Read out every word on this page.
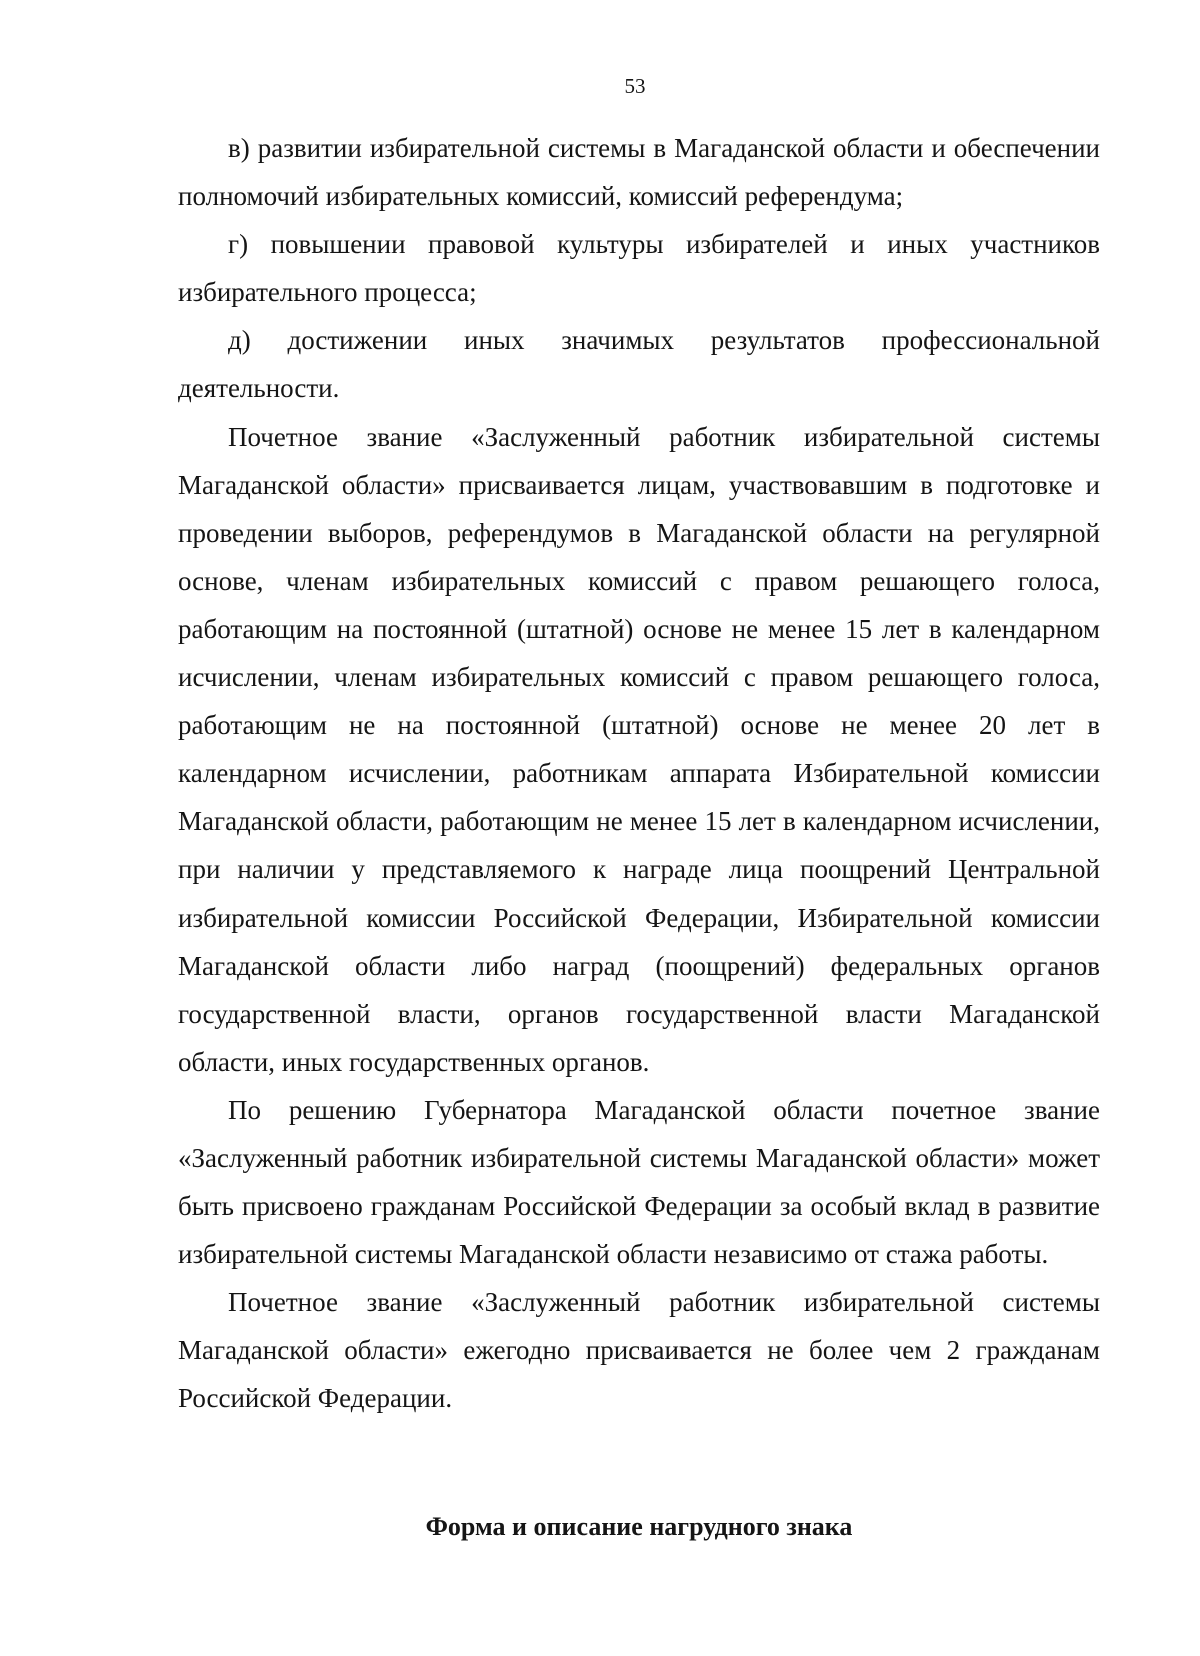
53

в) развитии избирательной системы в Магаданской области и обеспечении полномочий избирательных комиссий, комиссий референдума;

г) повышении правовой культуры избирателей и иных участников избирательного процесса;

д) достижении иных значимых результатов профессиональной деятельности.

Почетное звание «Заслуженный работник избирательной системы Магаданской области» присваивается лицам, участвовавшим в подготовке и проведении выборов, референдумов в Магаданской области на регулярной основе, членам избирательных комиссий с правом решающего голоса, работающим на постоянной (штатной) основе не менее 15 лет в календарном исчислении, членам избирательных комиссий с правом решающего голоса, работающим не на постоянной (штатной) основе не менее 20 лет в календарном исчислении, работникам аппарата Избирательной комиссии Магаданской области, работающим не менее 15 лет в календарном исчислении, при наличии у представляемого к награде лица поощрений Центральной избирательной комиссии Российской Федерации, Избирательной комиссии Магаданской области либо наград (поощрений) федеральных органов государственной власти, органов государственной власти Магаданской области, иных государственных органов.

По решению Губернатора Магаданской области почетное звание «Заслуженный работник избирательной системы Магаданской области» может быть присвоено гражданам Российской Федерации за особый вклад в развитие избирательной системы Магаданской области независимо от стажа работы.

Почетное звание «Заслуженный работник избирательной системы Магаданской области» ежегодно присваивается не более чем 2 гражданам Российской Федерации.

Форма и описание нагрудного знака
